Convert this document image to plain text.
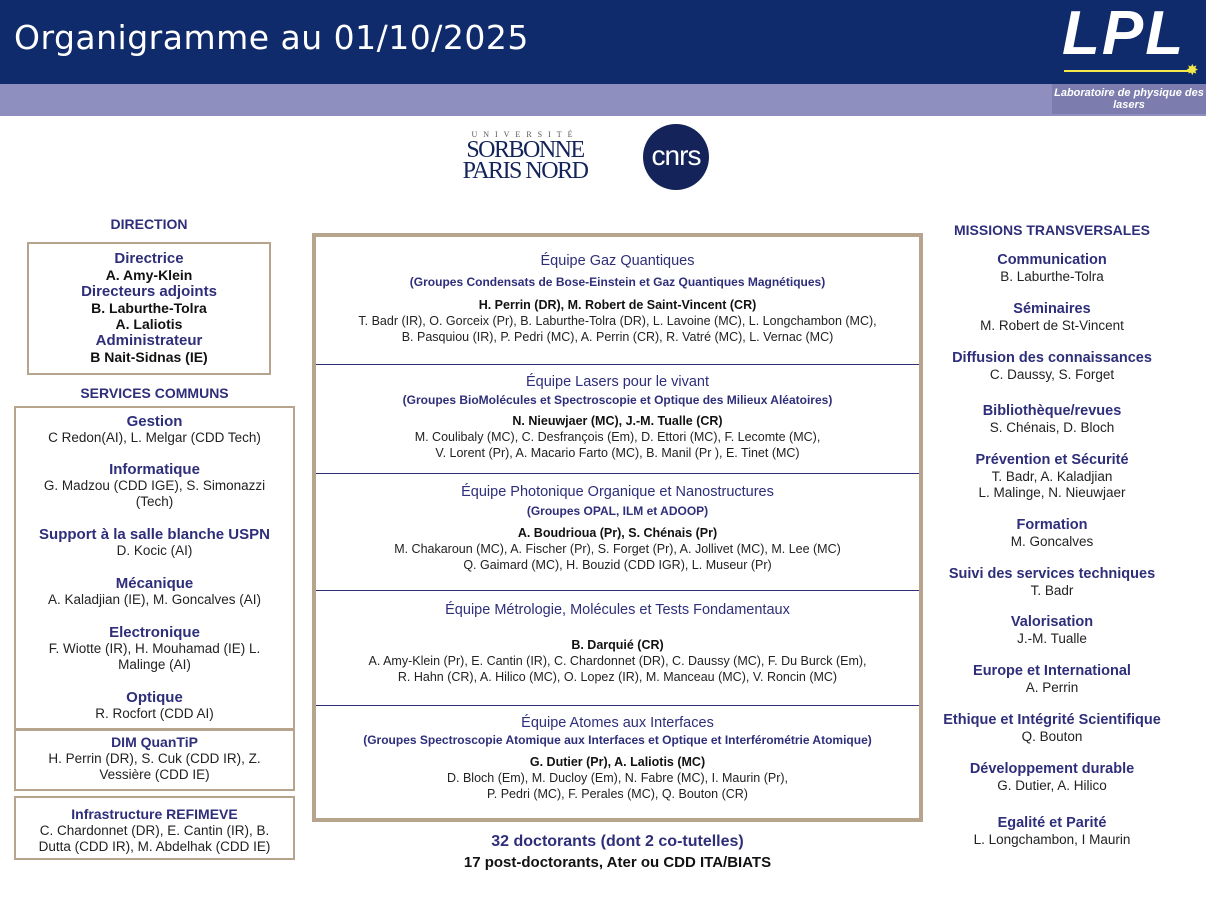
Organigramme au 01/10/2025	LPL
✸
Laboratoire de physique des lasers
UNIVERSITÉ
SORBONNE
PARIS NORD	cnrs
DIRECTION
Directrice
A. Amy-Klein
Directeurs adjoints
B. Laburthe-Tolra
A. Laliotis
Administrateur
B Nait-Sidnas (IE)
SERVICES COMMUNS
Gestion
C Redon(AI), L. Melgar (CDD Tech)
Informatique
G. Madzou (CDD IGE), S. Simonazzi (Tech)
Support à la salle blanche USPN
D. Kocic (AI)
Mécanique
A. Kaladjian (IE), M. Goncalves (AI)
Electronique
F. Wiotte (IR), H. Mouhamad (IE) L. Malinge (AI)
Optique
R. Rocfort (CDD AI)
DIM QuanTiP
H. Perrin (DR), S. Cuk (CDD IR), Z. Vessière (CDD IE)
Infrastructure REFIMEVE
C. Chardonnet (DR), E. Cantin (IR), B. Dutta (CDD IR), M. Abdelhak (CDD IE)
Équipe Gaz Quantiques
(Groupes Condensats de Bose-Einstein et Gaz Quantiques Magnétiques)
H. Perrin (DR), M. Robert de Saint-Vincent (CR)
T. Badr (IR), O. Gorceix (Pr), B. Laburthe-Tolra (DR), L. Lavoine (MC), L. Longchambon (MC),
B. Pasquiou (IR), P. Pedri (MC), A. Perrin (CR), R. Vatré (MC), L. Vernac (MC)
Équipe Lasers pour le vivant
(Groupes BioMolécules et Spectroscopie et Optique des Milieux Aléatoires)
N. Nieuwjaer (MC), J.-M. Tualle (CR)
M. Coulibaly (MC), C. Desfrançois (Em), D. Ettori (MC), F. Lecomte (MC),
V. Lorent (Pr), A. Macario Farto (MC), B. Manil (Pr ), E. Tinet (MC)
Équipe Photonique Organique et Nanostructures
(Groupes OPAL, ILM et ADOOP)
A. Boudrioua (Pr), S. Chénais (Pr)
M. Chakaroun (MC), A. Fischer (Pr), S. Forget (Pr), A. Jollivet (MC), M. Lee (MC)
Q. Gaimard (MC), H. Bouzid (CDD IGR), L. Museur (Pr)
Équipe Métrologie, Molécules et Tests Fondamentaux
B. Darquié (CR)
A. Amy-Klein (Pr), E. Cantin (IR), C. Chardonnet (DR), C. Daussy (MC), F. Du Burck (Em),
R. Hahn (CR), A. Hilico (MC), O. Lopez (IR), M. Manceau (MC), V. Roncin (MC)
Équipe Atomes aux Interfaces
(Groupes Spectroscopie Atomique aux Interfaces et Optique et Interférométrie Atomique)
G. Dutier (Pr), A. Laliotis (MC)
D. Bloch (Em), M. Ducloy (Em), N. Fabre (MC), I. Maurin (Pr),
P. Pedri (MC), F. Perales (MC), Q. Bouton (CR)
32 doctorants (dont 2 co-tutelles)
17 post-doctorants, Ater ou CDD ITA/BIATS
MISSIONS TRANSVERSALES
Communication
B. Laburthe-Tolra
Séminaires
M. Robert de St-Vincent
Diffusion des connaissances
C. Daussy, S. Forget
Bibliothèque/revues
S. Chénais, D. Bloch
Prévention et Sécurité
T. Badr, A. Kaladjian
L. Malinge, N. Nieuwjaer
Formation
M. Goncalves
Suivi des services techniques
T. Badr
Valorisation
J.-M. Tualle
Europe et International
A. Perrin
Ethique et Intégrité Scientifique
Q. Bouton
Développement durable
G. Dutier, A. Hilico
Egalité et Parité
L. Longchambon, I Maurin
